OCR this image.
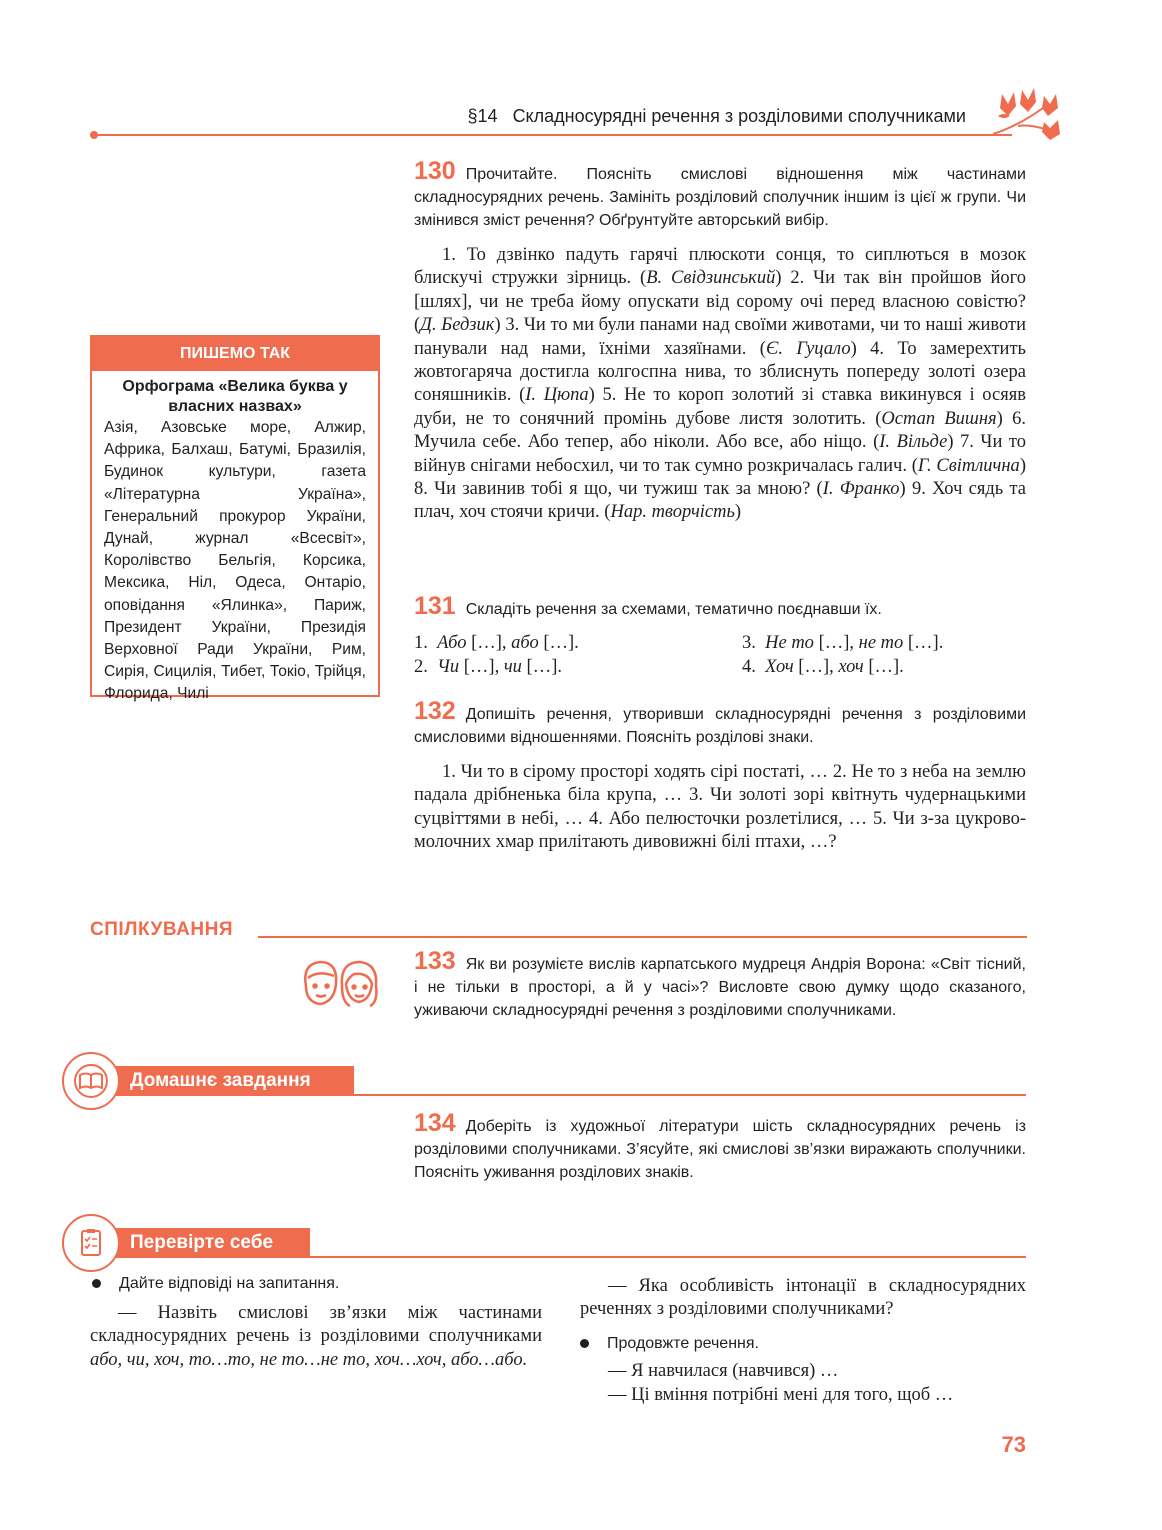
§14 Складносурядні речення з розділовими сполучниками
130 Прочитайте. Поясніть смислові відношення між частинами складносурядних речень. Замініть розділовий сполучник іншим із цієї ж групи. Чи змінився зміст речення? Обґрунтуйте авторський вибір.

1. То дзвінко падуть гарячі плюскоти сонця, то сиплються в мозок блискучі стружки зірниць. (В. Свідзинський) 2. Чи так він пройшов його [шлях], чи не треба йому опускати від сорому очі перед власною совістю? (Д. Бедзик) 3. Чи то ми були панами над своїми животами, чи то наші животи панували над нами, їхніми хазяїнами. (Є. Гуцало) 4. То замерехтить жовтогаряча достигла колгоспна нива, то зблиснуть попереду золоті озера соняшників. (І. Цюпа) 5. Не то короп золотий зі ставка викинувся і осяяв дуби, не то сонячний промінь дубове листя золотить. (Остап Вишня) 6. Мучила себе. Або тепер, або ніколи. Або все, або ніщо. (І. Вільде) 7. Чи то війнув снігами небосхил, чи то так сумно розкричалась галич. (Г. Світлична) 8. Чи завинив тобі я що, чи тужиш так за мною? (І. Франко) 9. Хоч сядь та плач, хоч стоячи кричи. (Нар. творчість)

ПИШЕМО ТАК
Орфограма «Велика буква у власних назвах»
Азія, Азовське море, Алжир, Африка, Балхаш, Батумі, Бразилія, Будинок культури, газета «Літературна Україна», Генеральний прокурор України, Дунай, журнал «Всесвіт», Королівство Бельгія, Корсика, Мексика, Ніл, Одеса, Онтаріо, оповідання «Ялинка», Париж, Президент України, Президія Верховної Ради України, Рим, Сирія, Сицилія, Тибет, Токіо, Трійця, Флорида, Чилі
131 Складіть речення за схемами, тематично поєднавши їх.
1. Або […], або […].
2. Чи […], чи […].
3. Не то […], не то […].
4. Хоч […], хоч […].
132 Допишіть речення, утворивши складносурядні речення з розділовими смисловими відношеннями. Поясніть розділові знаки.

1. Чи то в сірому просторі ходять сірі постаті, … 2. Не то з неба на землю падала дрібненька біла крупа, … 3. Чи золоті зорі квітнуть чудернацькими суцвіттями в небі, … 4. Або пелюсточки розлетілися, … 5. Чи з-за цукрово-молочних хмар прилітають дивовижні білі птахи, …?

СПІЛКУВАННЯ
133 Як ви розумієте вислів карпатського мудреця Андрія Ворона: «Світ тісний, і не тільки в просторі, а й у часі»? Висловте свою думку щодо сказаного, уживаючи складносурядні речення з розділовими сполучниками.
Домашнє завдання
134 Доберіть із художньої літератури шість складносурядних речень із розділовими сполучниками. З’ясуйте, які смислові зв’язки виражають сполучники. Поясніть уживання розділових знаків.
Перевірте себе
Дайте відповіді на запитання.

— Назвіть смислові зв’язки між частинами складносурядних речень із розділовими сполучниками або, чи, хоч, то…то, не то…не то, хоч…хоч, або…або.

— Яка особливість інтонації в складносурядних реченнях з розділовими сполучниками?

Продовжте речення.

— Я навчилася (навчився) …

— Ці вміння потрібні мені для того, щоб …

73
